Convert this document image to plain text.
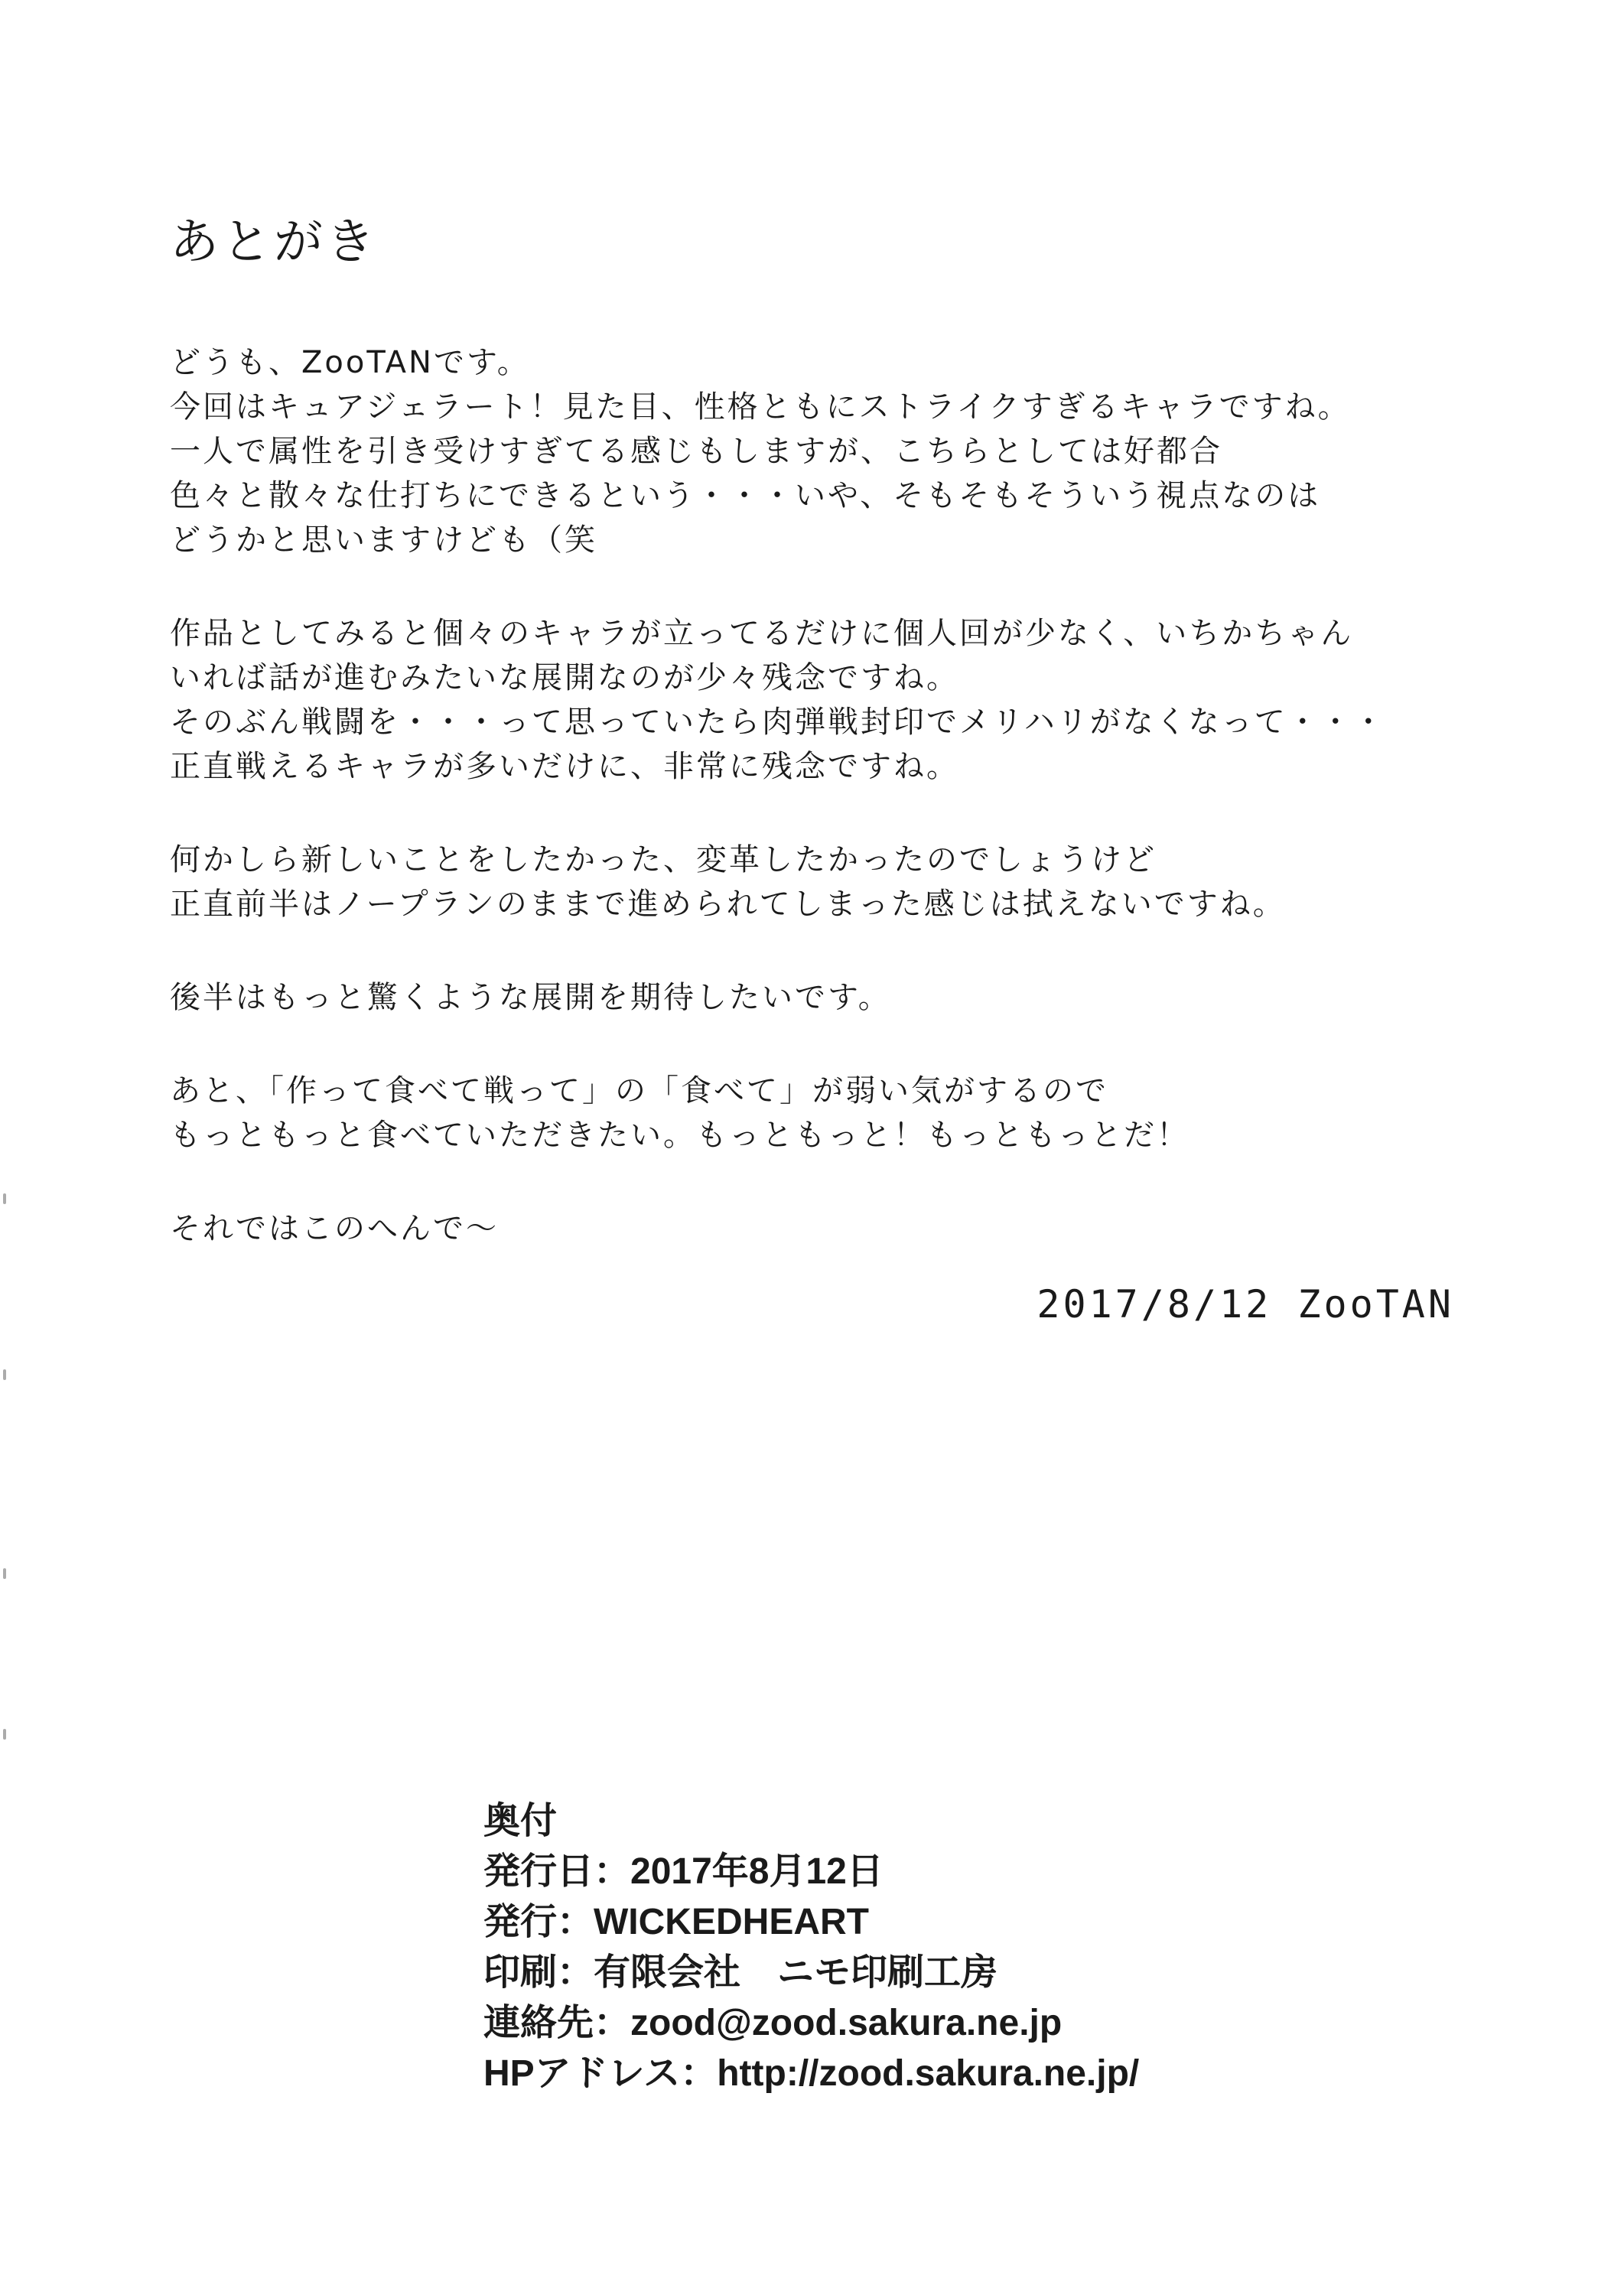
あとがき
どうも、ZooTANです。
今回はキュアジェラート！見た目、性格ともにストライクすぎるキャラですね。
一人で属性を引き受けすぎてる感じもしますが、こちらとしては好都合
色々と散々な仕打ちにできるという・・・いや、そもそもそういう視点なのは
どうかと思いますけども（笑
作品としてみると個々のキャラが立ってるだけに個人回が少なく、いちかちゃん
いれば話が進むみたいな展開なのが少々残念ですね。
そのぶん戦闘を・・・って思っていたら肉弾戦封印でメリハリがなくなって・・・
正直戦えるキャラが多いだけに、非常に残念ですね。
何かしら新しいことをしたかった、変革したかったのでしょうけど
正直前半はノープランのままで進められてしまった感じは拭えないですね。
後半はもっと驚くような展開を期待したいです。
あと、「作って食べて戦って」の「食べて」が弱い気がするので
もっともっと食べていただきたい。もっともっと！もっともっとだ！
それではこのへんで～
2017/8/12 ZooTAN
奥付
発行日：2017年8月12日
発行：WICKEDHEART
印刷：有限会社　ニモ印刷工房
連絡先：zood@zood.sakura.ne.jp
HPアドレス：http://zood.sakura.ne.jp/
